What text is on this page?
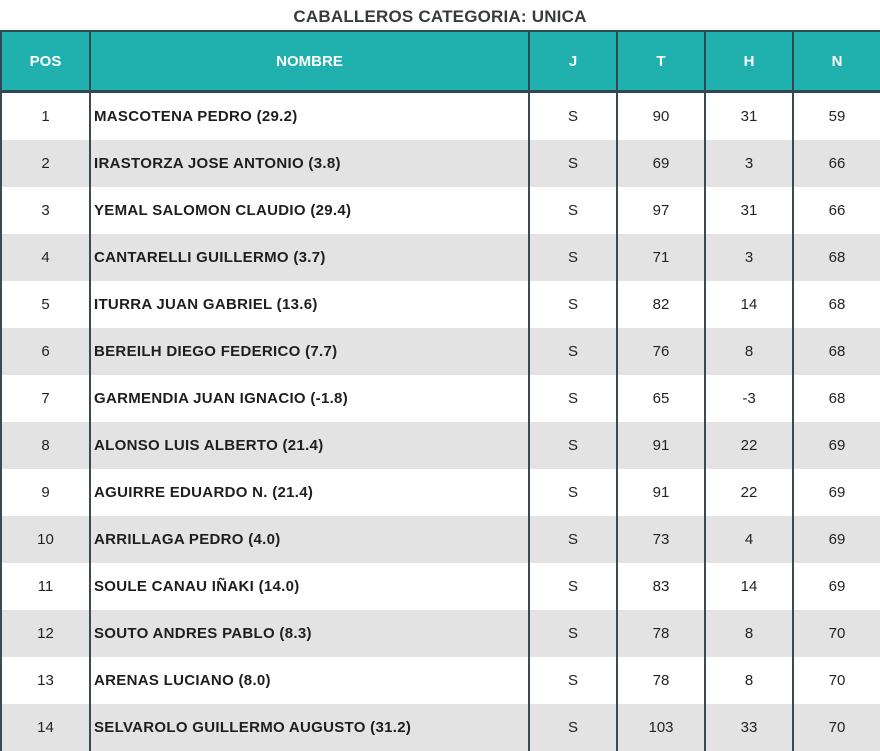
CABALLEROS CATEGORIA: UNICA
POS	NOMBRE	J	T	H	N
1	MASCOTENA PEDRO (29.2)	S	90	31	59
2	IRASTORZA JOSE ANTONIO (3.8)	S	69	3	66
3	YEMAL SALOMON CLAUDIO (29.4)	S	97	31	66
4	CANTARELLI GUILLERMO (3.7)	S	71	3	68
5	ITURRA JUAN GABRIEL (13.6)	S	82	14	68
6	BEREILH DIEGO FEDERICO (7.7)	S	76	8	68
7	GARMENDIA JUAN IGNACIO (-1.8)	S	65	-3	68
8	ALONSO LUIS ALBERTO (21.4)	S	91	22	69
9	AGUIRRE EDUARDO N. (21.4)	S	91	22	69
10	ARRILLAGA PEDRO (4.0)	S	73	4	69
11	SOULE CANAU IÑAKI (14.0)	S	83	14	69
12	SOUTO ANDRES PABLO (8.3)	S	78	8	70
13	ARENAS LUCIANO (8.0)	S	78	8	70
14	SELVAROLO GUILLERMO AUGUSTO (31.2)	S	103	33	70
